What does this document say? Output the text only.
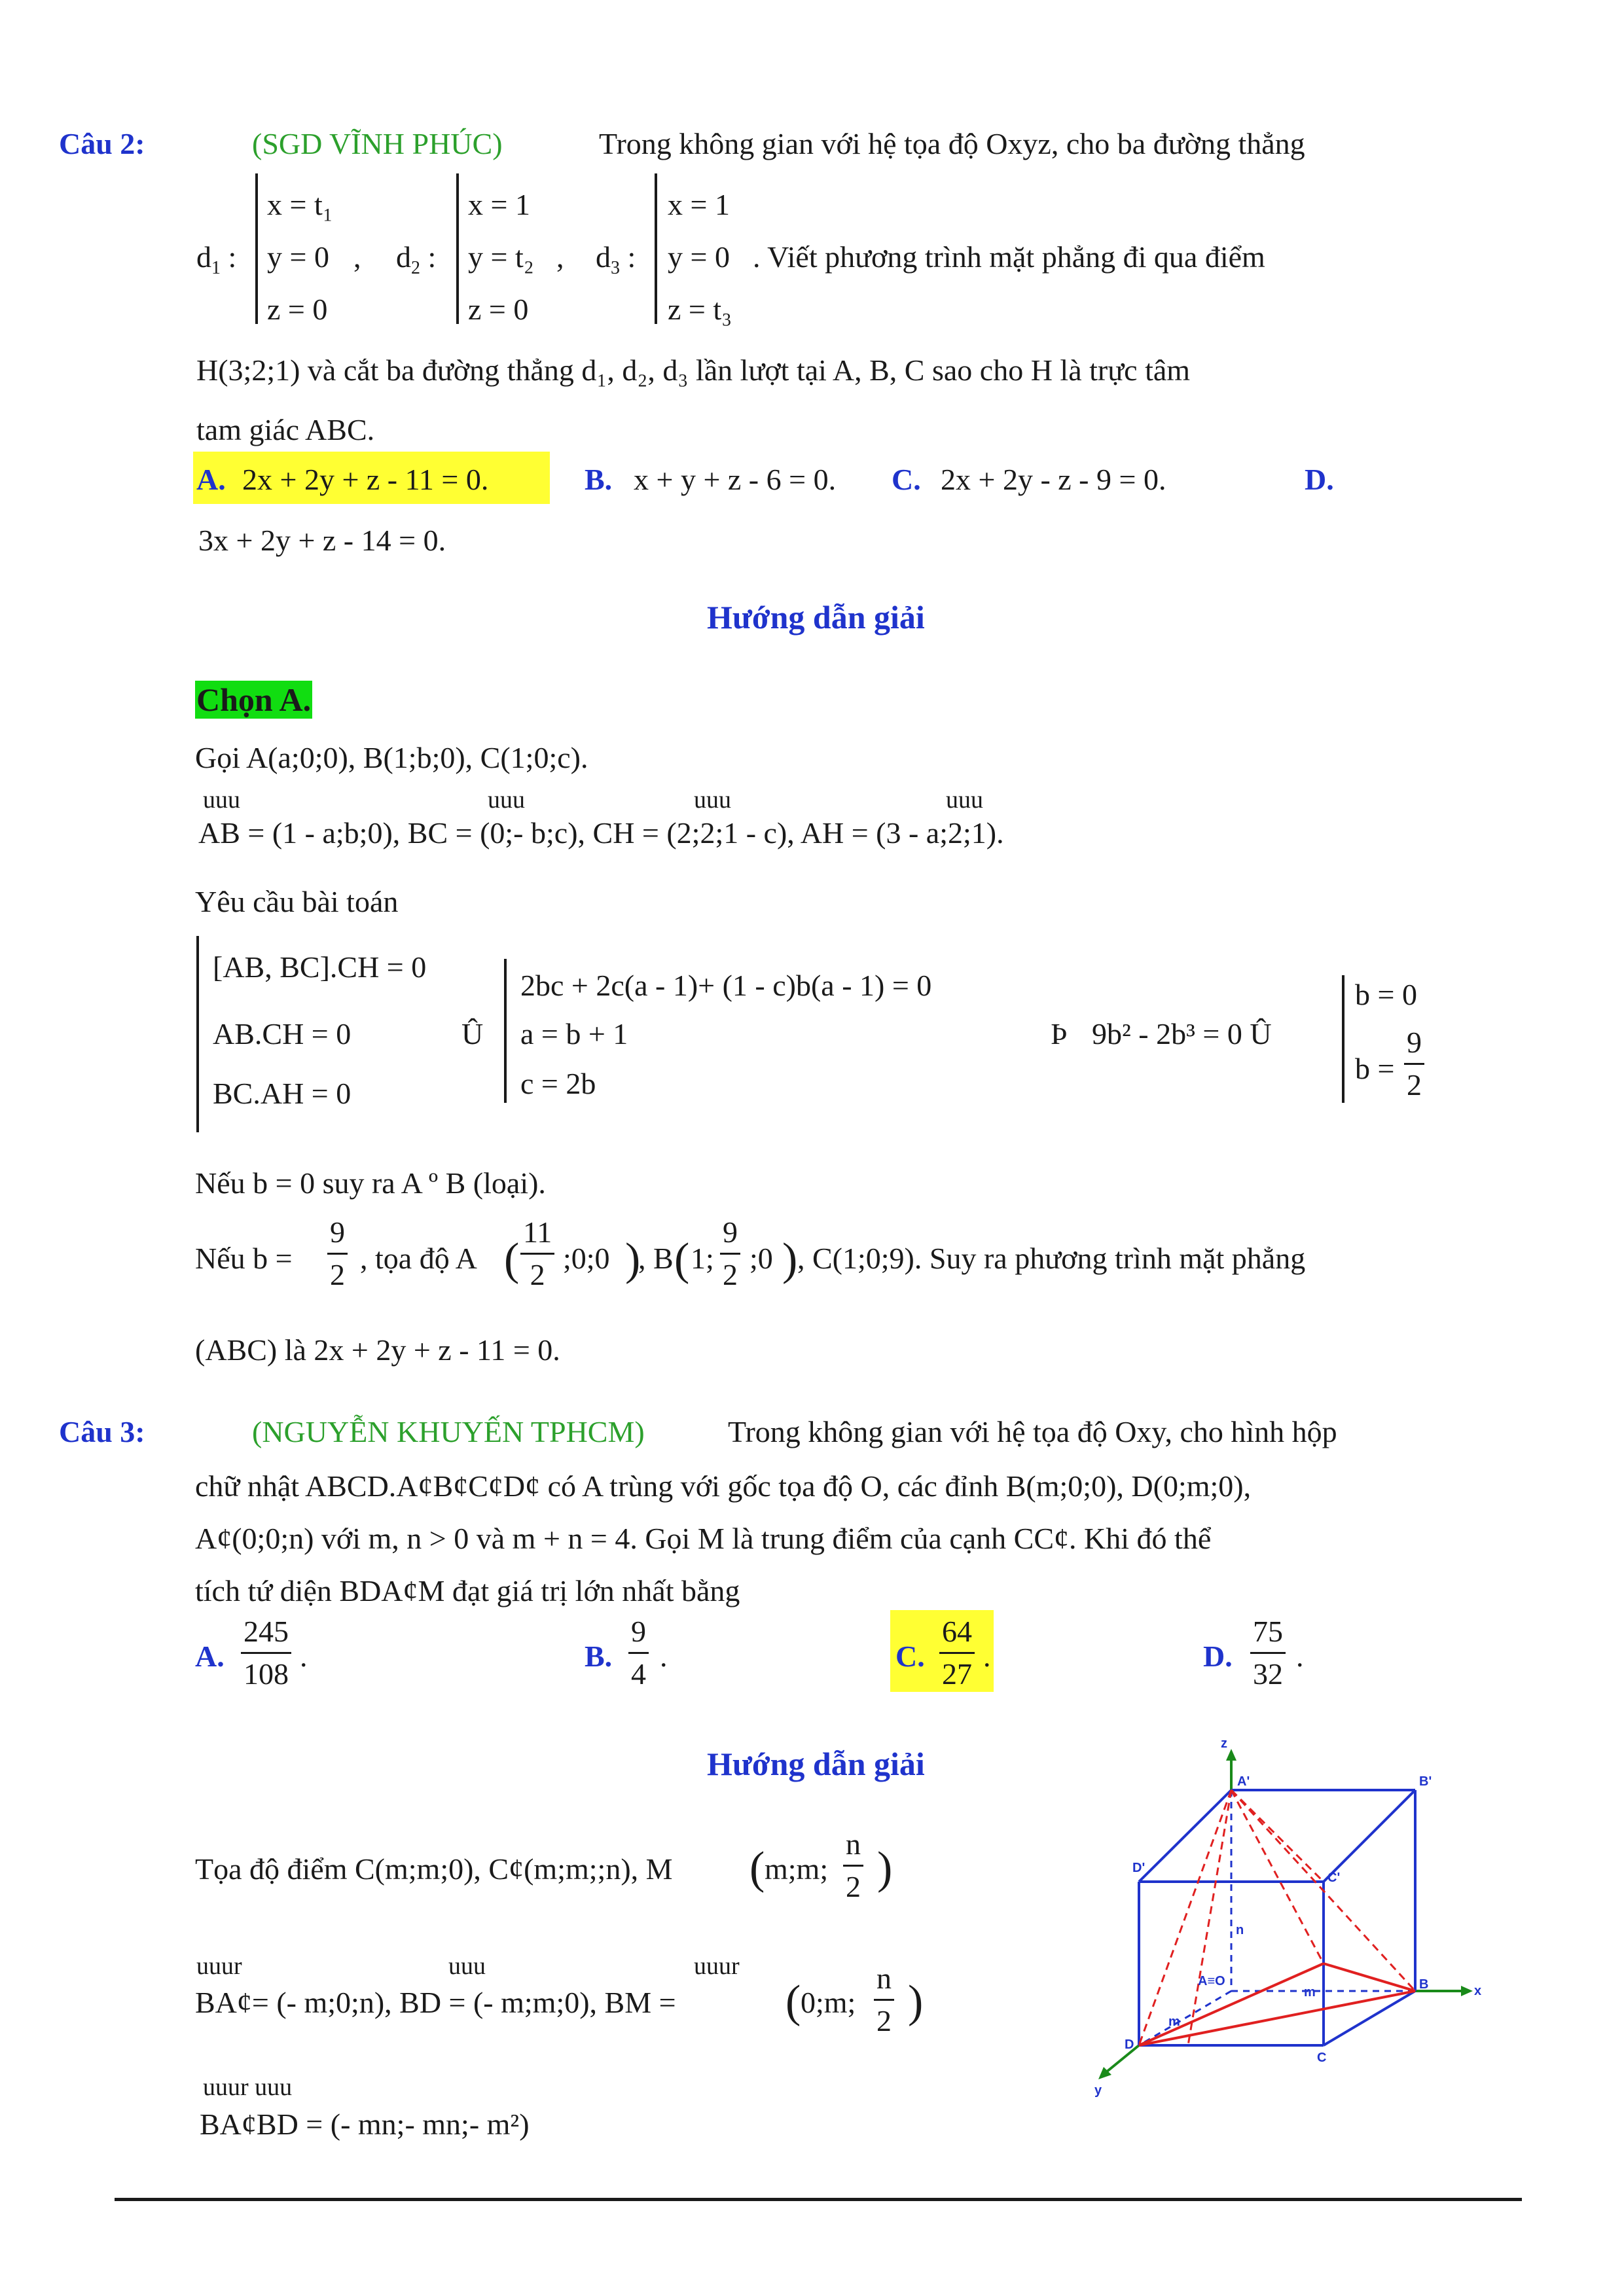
Câu 2:	(SGD VĨNH PHÚC)	Trong không gian với hệ tọa độ Oxyz, cho ba đường thẳng
$d_1$ :
x = t₁
y = 0
z = 0
, $d_2$ :
x = 1
y = t₂
z = 0
, $d_3$ :
x = 1
y = 0
z = t₃
. Viết phương trình mặt phẳng đi qua điểm
H(3;2;1) và cắt ba đường thẳng d₁, d₂, d₃ lần lượt tại A, B, C sao cho H là trực tâm
tam giác ABC.
A. 2x + 2y + z - 11 = 0.	B. x + y + z - 6 = 0. C. 2x + 2y - z - 9 = 0.	D.
3x + 2y + z - 14 = 0.
Hướng dẫn giải
Chọn A.
Gọi A(a;0;0), B(1;b;0), C(1;0;c).
uuu	uuu	uuu	uuu
AB = (1 - a;b;0), BC = (0;- b;c), CH = (2;2;1 - c), AH = (3 - a;2;1).
Yêu cầu bài toán
[AB, BC].CH = 0
AB.CH = 0
BC.AH = 0
Û
2bc + 2c(a - 1)+ (1 - c)b(a - 1) = 0
a = b + 1
c = 2b
Þ 9b² - 2b³ = 0 Û
b = 0
b =
9
2
Nếu b = 0 suy ra A º B (loại).
Nếu b =
9
2 , tọa độ A (
11
2 ;0;0 )
, B ( 1;
9
2 ;0 ) , C(1;0;9). Suy ra phương trình mặt phẳng
(ABC) là 2x + 2y + z - 11 = 0.
Câu 3:	(NGUYỄN KHUYẾN TPHCM)	Trong không gian với hệ tọa độ Oxy, cho hình hộp
chữ nhật ABCD.A¢B¢C¢D¢ có A trùng với gốc tọa độ O, các đỉnh B(m;0;0), D(0;m;0),
A¢(0;0;n) với m, n > 0 và m + n = 4. Gọi M là trung điểm của cạnh CC¢. Khi đó thể
tích tứ diện BDA¢M đạt giá trị lớn nhất bằng
A.
245
108
.	B.
9
4
.	C.
64
27
.	D.
75
32
.
Hướng dẫn giải
Tọa độ điểm C(m;m;0), C¢(m;m;;n), M ( m;m;
n
2 )
uuur	uuu	uuur
BA¢= (- m;0;n), BD = (- m;m;0), BM = ( 0;m;
n
2 )
uuur uuu
BA¢BD = (- mn;- mn;- m²)
z
A'	B'
D'
C'
n
A≡O
m
m
B	x
D
C
y
